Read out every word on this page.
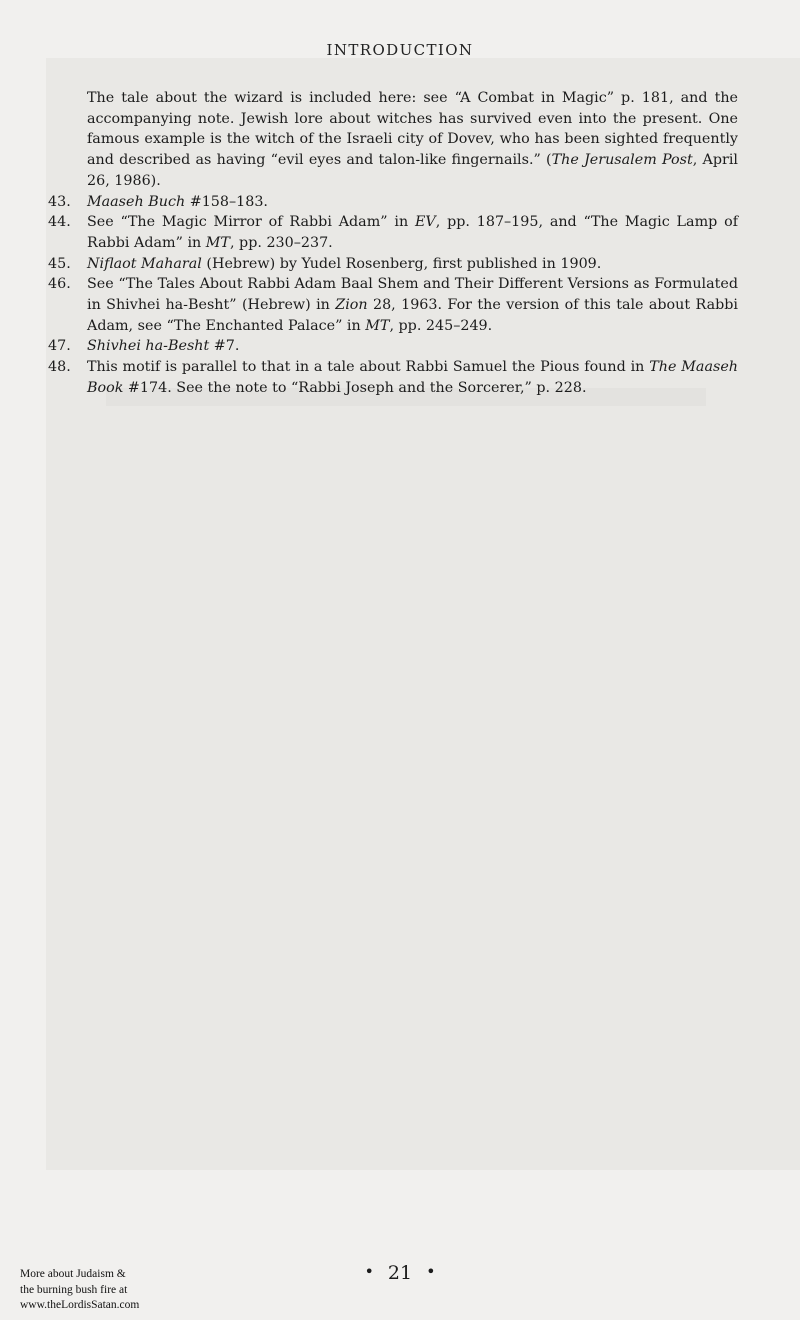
INTRODUCTION
The tale about the wizard is included here: see “A Combat in Magic” p. 181, and the accompanying note. Jewish lore about witches has survived even into the present. One famous example is the witch of the Israeli city of Dovev, who has been sighted frequently and described as having “evil eyes and talon-like fingernails.” (The Jerusalem Post, April 26, 1986).
43. Maaseh Buch #158–183.
44. See “The Magic Mirror of Rabbi Adam” in EV, pp. 187–195, and “The Magic Lamp of Rabbi Adam” in MT, pp. 230–237.
45. Niflaot Maharal (Hebrew) by Yudel Rosenberg, first published in 1909.
46. See “The Tales About Rabbi Adam Baal Shem and Their Different Versions as Formulated in Shivhei ha-Besht” (Hebrew) in Zion 28, 1963. For the version of this tale about Rabbi Adam, see “The Enchanted Palace” in MT, pp. 245–249.
47. Shivhei ha-Besht #7.
48. This motif is parallel to that in a tale about Rabbi Samuel the Pious found in The Maaseh Book #174. See the note to “Rabbi Joseph and the Sorcerer,” p. 228.
• 21 •
More about Judaism &
the burning bush fire at
www.theLordisSatan.com
